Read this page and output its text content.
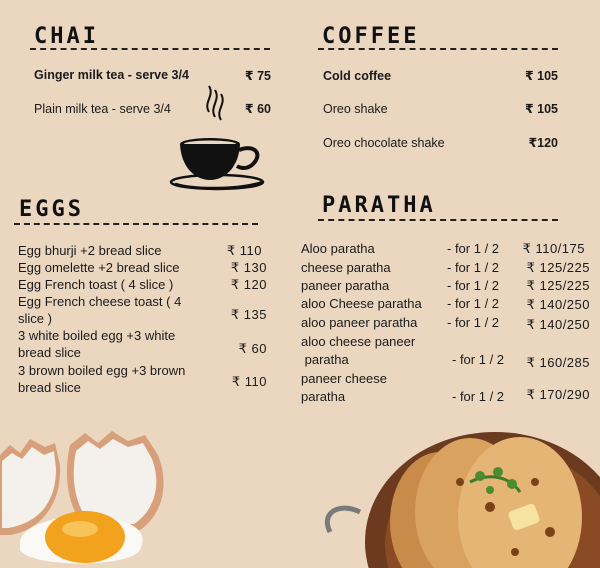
CHAI
Ginger milk tea - serve 3/4	₹ 75
Plain milk tea - serve 3/4	₹ 60
COFFEE
Cold coffee	₹ 105
Oreo shake	₹ 105
Oreo chocolate shake	₹120
EGGS
Egg bhurji +2 bread slice	₹ 110
Egg omelette +2 bread slice	₹ 130
Egg French toast ( 4 slice )	₹ 120
Egg French cheese toast ( 4
slice )	₹ 135
3 white boiled egg +3 white
bread slice	₹ 60
3 brown boiled egg +3 brown
bread slice	₹ 110
PARATHA
Aloo paratha	- for 1 / 2	₹ 110/175
cheese paratha	- for 1 / 2	₹ 125/225
paneer paratha	- for 1 / 2	₹ 125/225
aloo Cheese paratha - for 1 / 2	₹ 140/250
aloo paneer paratha - for 1 / 2	₹ 140/250
aloo cheese paneer
paratha	- for 1 / 2	₹ 160/285
paneer cheese
paratha	- for 1 / 2	₹ 170/290
